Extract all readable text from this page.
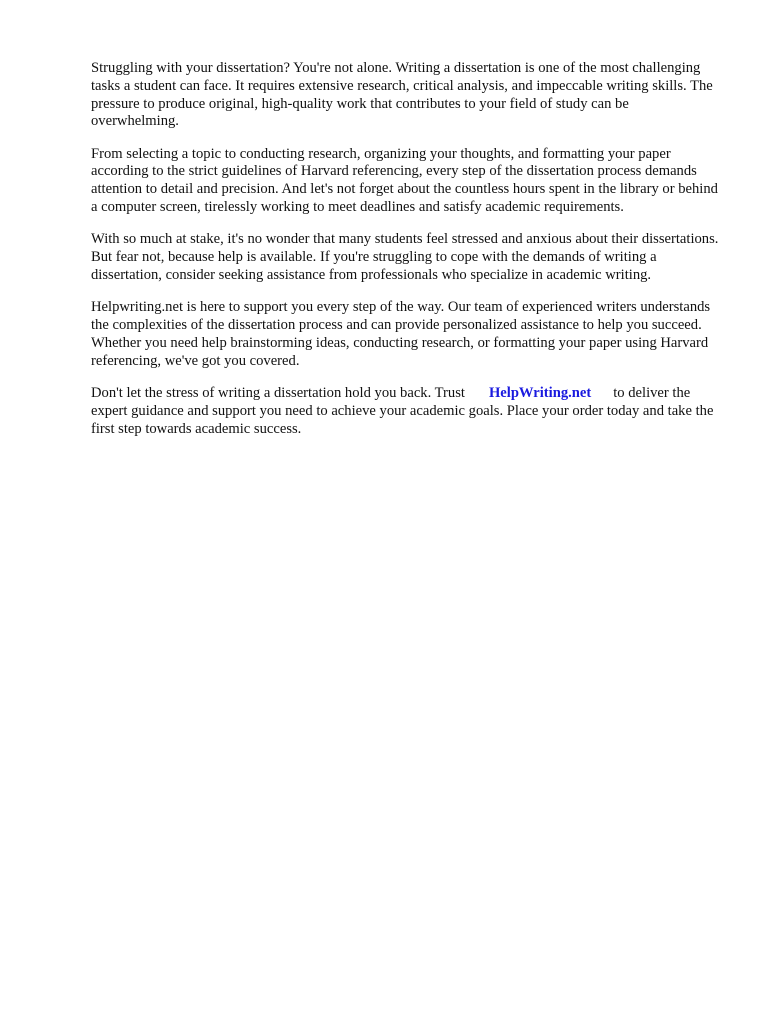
Struggling with your dissertation? You're not alone. Writing a dissertation is one of the most challenging tasks a student can face. It requires extensive research, critical analysis, and impeccable writing skills. The pressure to produce original, high-quality work that contributes to your field of study can be overwhelming.

From selecting a topic to conducting research, organizing your thoughts, and formatting your paper according to the strict guidelines of Harvard referencing, every step of the dissertation process demands attention to detail and precision. And let's not forget about the countless hours spent in the library or behind a computer screen, tirelessly working to meet deadlines and satisfy academic requirements.

With so much at stake, it's no wonder that many students feel stressed and anxious about their dissertations. But fear not, because help is available. If you're struggling to cope with the demands of writing a dissertation, consider seeking assistance from professionals who specialize in academic writing.

Helpwriting.net is here to support you every step of the way. Our team of experienced writers understands the complexities of the dissertation process and can provide personalized assistance to help you succeed. Whether you need help brainstorming ideas, conducting research, or formatting your paper using Harvard referencing, we've got you covered.

Don't let the stress of writing a dissertation hold you back. Trust HelpWriting.net to deliver the expert guidance and support you need to achieve your academic goals. Place your order today and take the first step towards academic success.
